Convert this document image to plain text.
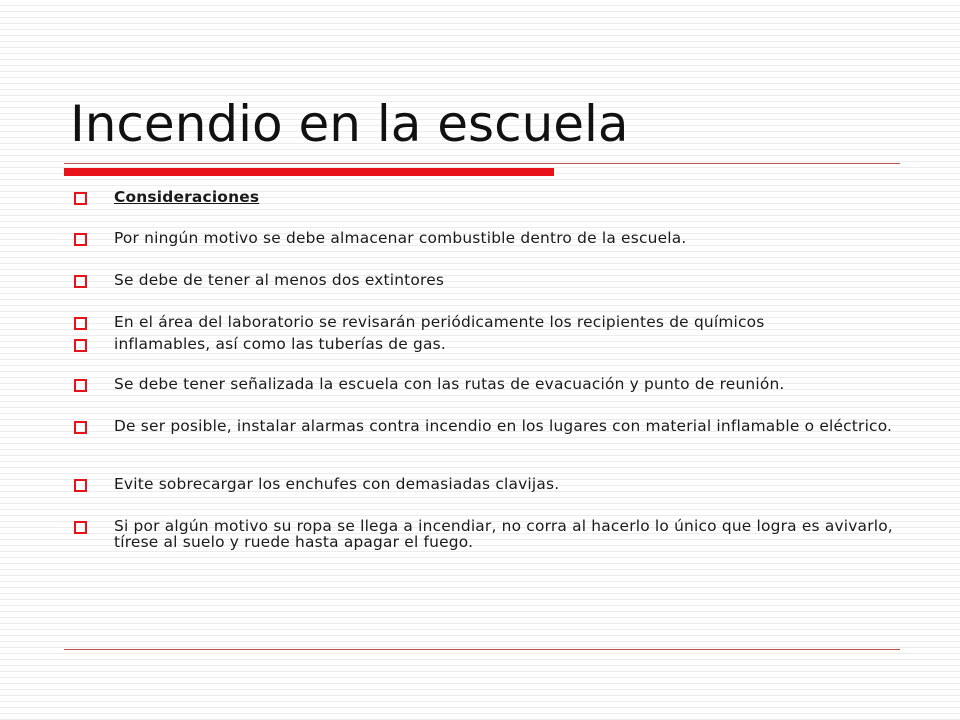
Incendio en la escuela
Consideraciones
Por ningún motivo se debe almacenar combustible dentro de la escuela.
Se debe de tener al menos dos extintores
En el área del laboratorio se revisarán periódicamente los recipientes de químicos
inflamables, así como las tuberías de gas.
Se debe tener señalizada la escuela con las rutas de evacuación y punto de reunión.
De ser posible, instalar alarmas contra incendio en los lugares con material inflamable o eléctrico.
Evite sobrecargar los enchufes con demasiadas clavijas.
Si por algún motivo su ropa se llega a incendiar, no corra al hacerlo lo único que logra es avivarlo, tírese al suelo y ruede hasta apagar el fuego.
